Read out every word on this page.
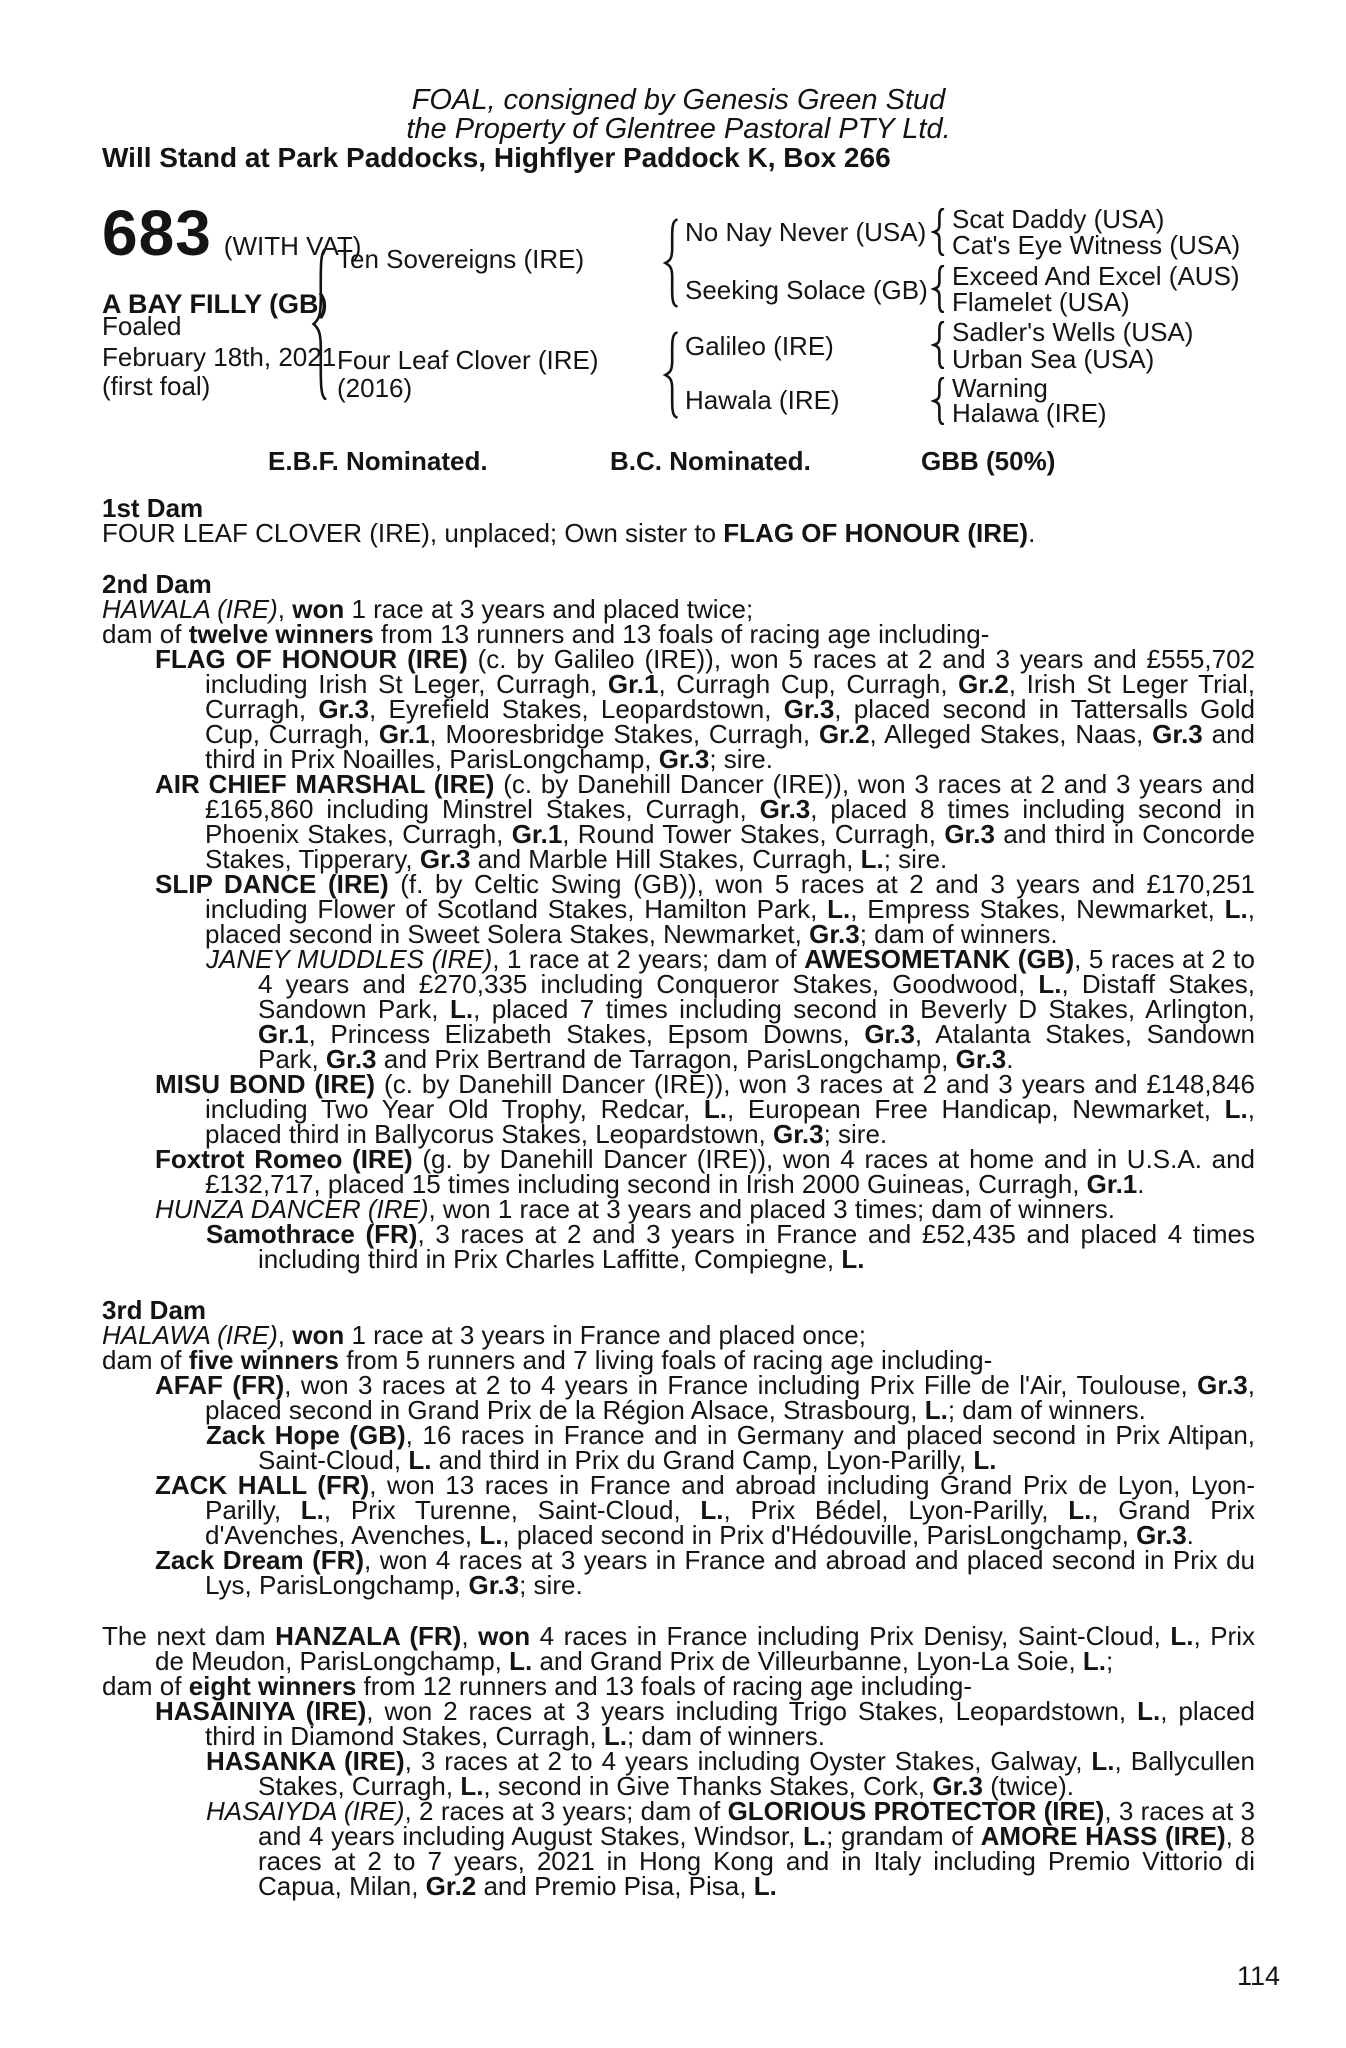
FOAL, consigned by Genesis Green Stud
the Property of Glentree Pastoral PTY Ltd.
Will Stand at Park Paddocks, Highflyer Paddock K, Box 266
683 (WITH VAT)
A BAY FILLY (GB)
Foaled
February 18th, 2021
(first foal)
Ten Sovereigns (IRE)
Four Leaf Clover (IRE)
(2016)
No Nay Never (USA)
Seeking Solace (GB)
Galileo (IRE)
Hawala (IRE)
Scat Daddy (USA)
Cat's Eye Witness (USA)
Exceed And Excel (AUS)
Flamelet (USA)
Sadler's Wells (USA)
Urban Sea (USA)
Warning
Halawa (IRE)
E.B.F. Nominated.	B.C. Nominated.	GBB (50%)

1st Dam

FOUR LEAF CLOVER (IRE), unplaced; Own sister to FLAG OF HONOUR (IRE).

2nd Dam

HAWALA (IRE), won 1 race at 3 years and placed twice;

dam of twelve winners from 13 runners and 13 foals of racing age including-

FLAG OF HONOUR (IRE) (c. by Galileo (IRE)), won 5 races at 2 and 3 years and £555,702 including Irish St Leger, Curragh, Gr.1, Curragh Cup, Curragh, Gr.2, Irish St Leger Trial, Curragh, Gr.3, Eyrefield Stakes, Leopardstown, Gr.3, placed second in Tattersalls Gold Cup, Curragh, Gr.1, Mooresbridge Stakes, Curragh, Gr.2, Alleged Stakes, Naas, Gr.3 and third in Prix Noailles, ParisLongchamp, Gr.3; sire.

AIR CHIEF MARSHAL (IRE) (c. by Danehill Dancer (IRE)), won 3 races at 2 and 3 years and £165,860 including Minstrel Stakes, Curragh, Gr.3, placed 8 times including second in Phoenix Stakes, Curragh, Gr.1, Round Tower Stakes, Curragh, Gr.3 and third in Concorde Stakes, Tipperary, Gr.3 and Marble Hill Stakes, Curragh, L.; sire.

SLIP DANCE (IRE) (f. by Celtic Swing (GB)), won 5 races at 2 and 3 years and £170,251 including Flower of Scotland Stakes, Hamilton Park, L., Empress Stakes, Newmarket, L., placed second in Sweet Solera Stakes, Newmarket, Gr.3; dam of winners.

JANEY MUDDLES (IRE), 1 race at 2 years; dam of AWESOMETANK (GB), 5 races at 2 to 4 years and £270,335 including Conqueror Stakes, Goodwood, L., Distaff Stakes, Sandown Park, L., placed 7 times including second in Beverly D Stakes, Arlington, Gr.1, Princess Elizabeth Stakes, Epsom Downs, Gr.3, Atalanta Stakes, Sandown Park, Gr.3 and Prix Bertrand de Tarragon, ParisLongchamp, Gr.3.

MISU BOND (IRE) (c. by Danehill Dancer (IRE)), won 3 races at 2 and 3 years and £148,846 including Two Year Old Trophy, Redcar, L., European Free Handicap, Newmarket, L., placed third in Ballycorus Stakes, Leopardstown, Gr.3; sire.

Foxtrot Romeo (IRE) (g. by Danehill Dancer (IRE)), won 4 races at home and in U.S.A. and £132,717, placed 15 times including second in Irish 2000 Guineas, Curragh, Gr.1.

HUNZA DANCER (IRE), won 1 race at 3 years and placed 3 times; dam of winners.

Samothrace (FR), 3 races at 2 and 3 years in France and £52,435 and placed 4 times including third in Prix Charles Laffitte, Compiegne, L.

3rd Dam

HALAWA (IRE), won 1 race at 3 years in France and placed once;

dam of five winners from 5 runners and 7 living foals of racing age including-

AFAF (FR), won 3 races at 2 to 4 years in France including Prix Fille de l'Air, Toulouse, Gr.3, placed second in Grand Prix de la Région Alsace, Strasbourg, L.; dam of winners.

Zack Hope (GB), 16 races in France and in Germany and placed second in Prix Altipan, Saint-Cloud, L. and third in Prix du Grand Camp, Lyon-Parilly, L.

ZACK HALL (FR), won 13 races in France and abroad including Grand Prix de Lyon, Lyon-Parilly, L., Prix Turenne, Saint-Cloud, L., Prix Bédel, Lyon-Parilly, L., Grand Prix d'Avenches, Avenches, L., placed second in Prix d'Hédouville, ParisLongchamp, Gr.3.

Zack Dream (FR), won 4 races at 3 years in France and abroad and placed second in Prix du Lys, ParisLongchamp, Gr.3; sire.

The next dam HANZALA (FR), won 4 races in France including Prix Denisy, Saint-Cloud, L., Prix de Meudon, ParisLongchamp, L. and Grand Prix de Villeurbanne, Lyon-La Soie, L.;

dam of eight winners from 12 runners and 13 foals of racing age including-

HASAINIYA (IRE), won 2 races at 3 years including Trigo Stakes, Leopardstown, L., placed third in Diamond Stakes, Curragh, L.; dam of winners.

HASANKA (IRE), 3 races at 2 to 4 years including Oyster Stakes, Galway, L., Ballycullen Stakes, Curragh, L., second in Give Thanks Stakes, Cork, Gr.3 (twice).

HASAIYDA (IRE), 2 races at 3 years; dam of GLORIOUS PROTECTOR (IRE), 3 races at 3 and 4 years including August Stakes, Windsor, L.; grandam of AMORE HASS (IRE), 8 races at 2 to 7 years, 2021 in Hong Kong and in Italy including Premio Vittorio di Capua, Milan, Gr.2 and Premio Pisa, Pisa, L.

114
